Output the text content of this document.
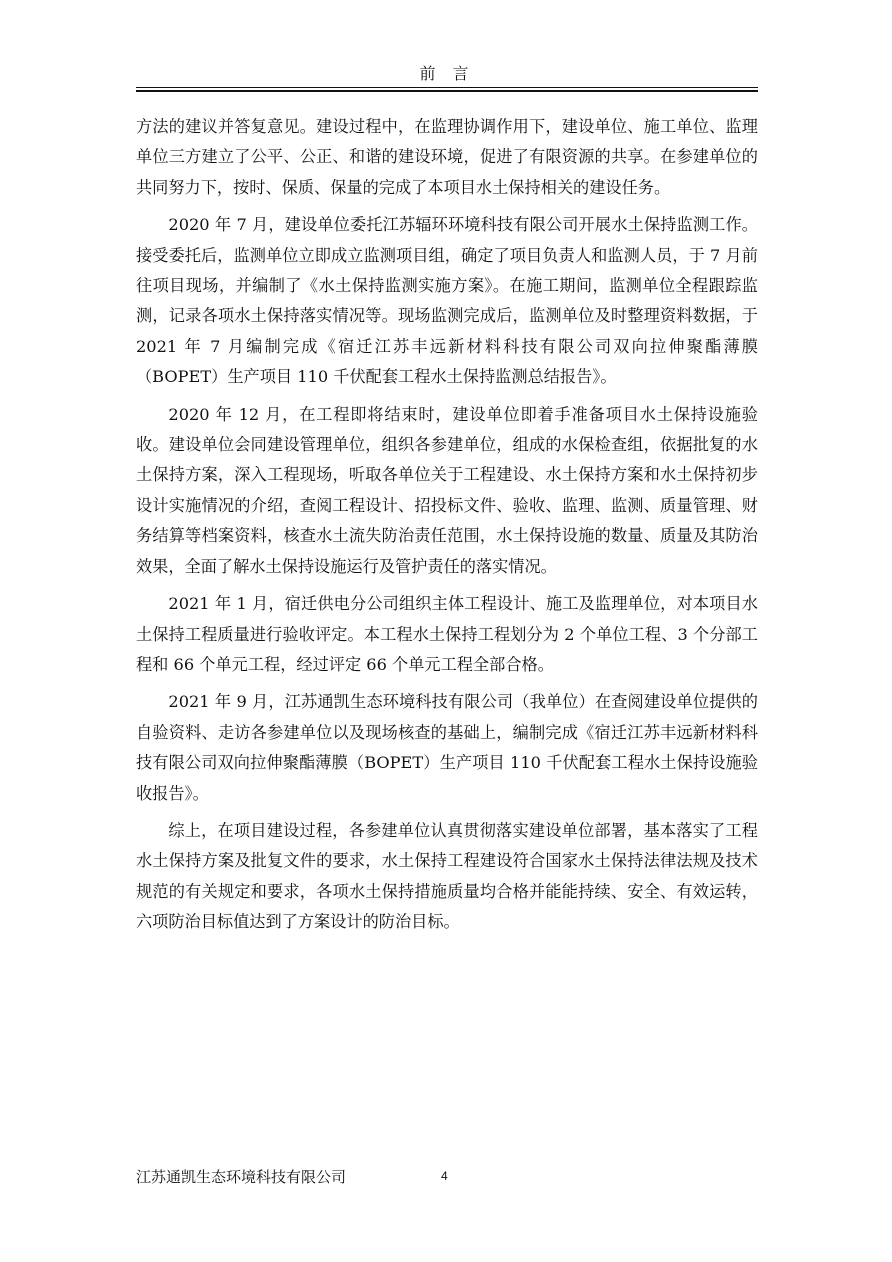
前 言

方法的建议并答复意见。建设过程中，在监理协调作用下，建设单位、施工单位、监理单位三方建立了公平、公正、和谐的建设环境，促进了有限资源的共享。在参建单位的共同努力下，按时、保质、保量的完成了本项目水土保持相关的建设任务。

2020 年 7 月，建设单位委托江苏辐环环境科技有限公司开展水土保持监测工作。接受委托后，监测单位立即成立监测项目组，确定了项目负责人和监测人员，于 7 月前往项目现场，并编制了《水土保持监测实施方案》。在施工期间，监测单位全程跟踪监测，记录各项水土保持落实情况等。现场监测完成后，监测单位及时整理资料数据，于 2021 年 7 月编制完成《宿迁江苏丰远新材料科技有限公司双向拉伸聚酯薄膜（BOPET）生产项目 110 千伏配套工程水土保持监测总结报告》。

2020 年 12 月，在工程即将结束时，建设单位即着手准备项目水土保持设施验收。建设单位会同建设管理单位，组织各参建单位，组成的水保检查组，依据批复的水土保持方案，深入工程现场，听取各单位关于工程建设、水土保持方案和水土保持初步设计实施情况的介绍，查阅工程设计、招投标文件、验收、监理、监测、质量管理、财务结算等档案资料，核查水土流失防治责任范围，水土保持设施的数量、质量及其防治效果，全面了解水土保持设施运行及管护责任的落实情况。

2021 年 1 月，宿迁供电分公司组织主体工程设计、施工及监理单位，对本项目水土保持工程质量进行验收评定。本工程水土保持工程划分为 2 个单位工程、3 个分部工程和 66 个单元工程，经过评定 66 个单元工程全部合格。

2021 年 9 月，江苏通凯生态环境科技有限公司（我单位）在查阅建设单位提供的自验资料、走访各参建单位以及现场核查的基础上，编制完成《宿迁江苏丰远新材料科技有限公司双向拉伸聚酯薄膜（BOPET）生产项目 110 千伏配套工程水土保持设施验收报告》。

综上，在项目建设过程，各参建单位认真贯彻落实建设单位部署，基本落实了工程水土保持方案及批复文件的要求，水土保持工程建设符合国家水土保持法律法规及技术规范的有关规定和要求，各项水土保持措施质量均合格并能能持续、安全、有效运转，六项防治目标值达到了方案设计的防治目标。

江苏通凯生态环境科技有限公司	4
